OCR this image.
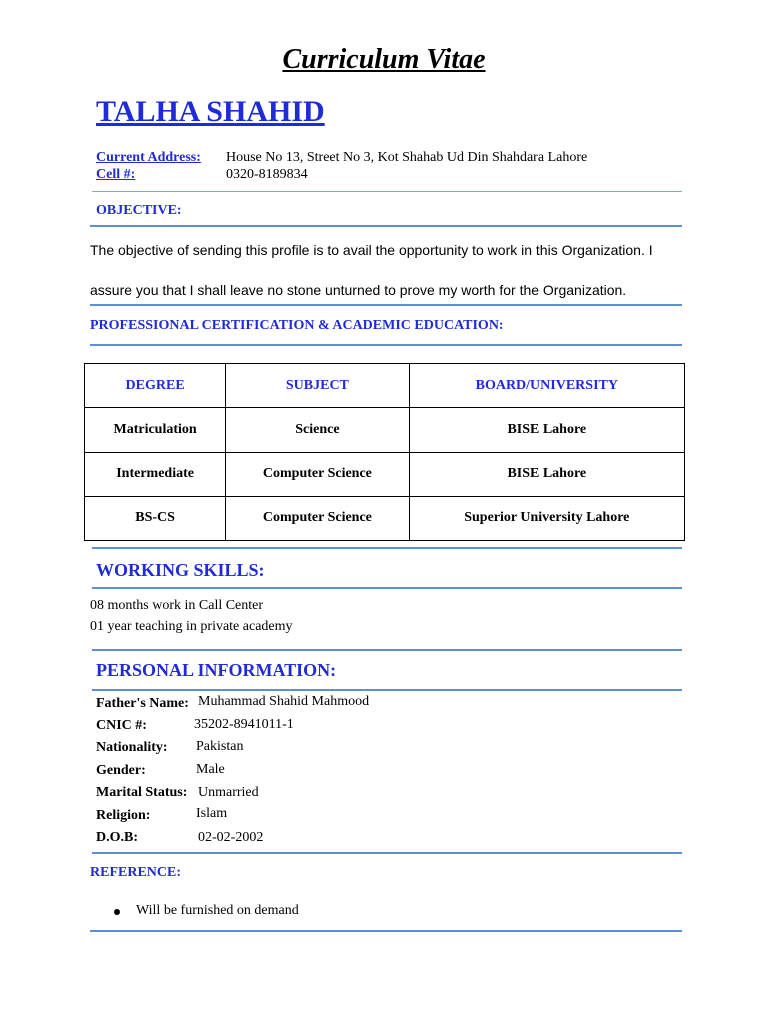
Curriculum Vitae
TALHA SHAHID
Current Address: House No 13, Street No 3, Kot Shahab Ud Din Shahdara Lahore
Cell #:	0320-8189834
OBJECTIVE:
The objective of sending this profile is to avail the opportunity to work in this Organization. I assure you that I shall leave no stone unturned to prove my worth for the Organization.
PROFESSIONAL CERTIFICATION & ACADEMIC EDUCATION:
DEGREE	SUBJECT	BOARD/UNIVERSITY
Matriculation	Science	BISE Lahore
Intermediate	Computer Science	BISE Lahore
BS-CS	Computer Science	Superior University Lahore
WORKING SKILLS:
08 months work in Call Center
01 year teaching in private academy
PERSONAL INFORMATION:
Father's Name: Muhammad Shahid Mahmood
CNIC #:	35202-8941011-1
Nationality: Pakistan
Gender:	Male
Marital Status: Unmarried
Religion:	Islam
D.O.B:	02-02-2002
REFERENCE:
Will be furnished on demand
